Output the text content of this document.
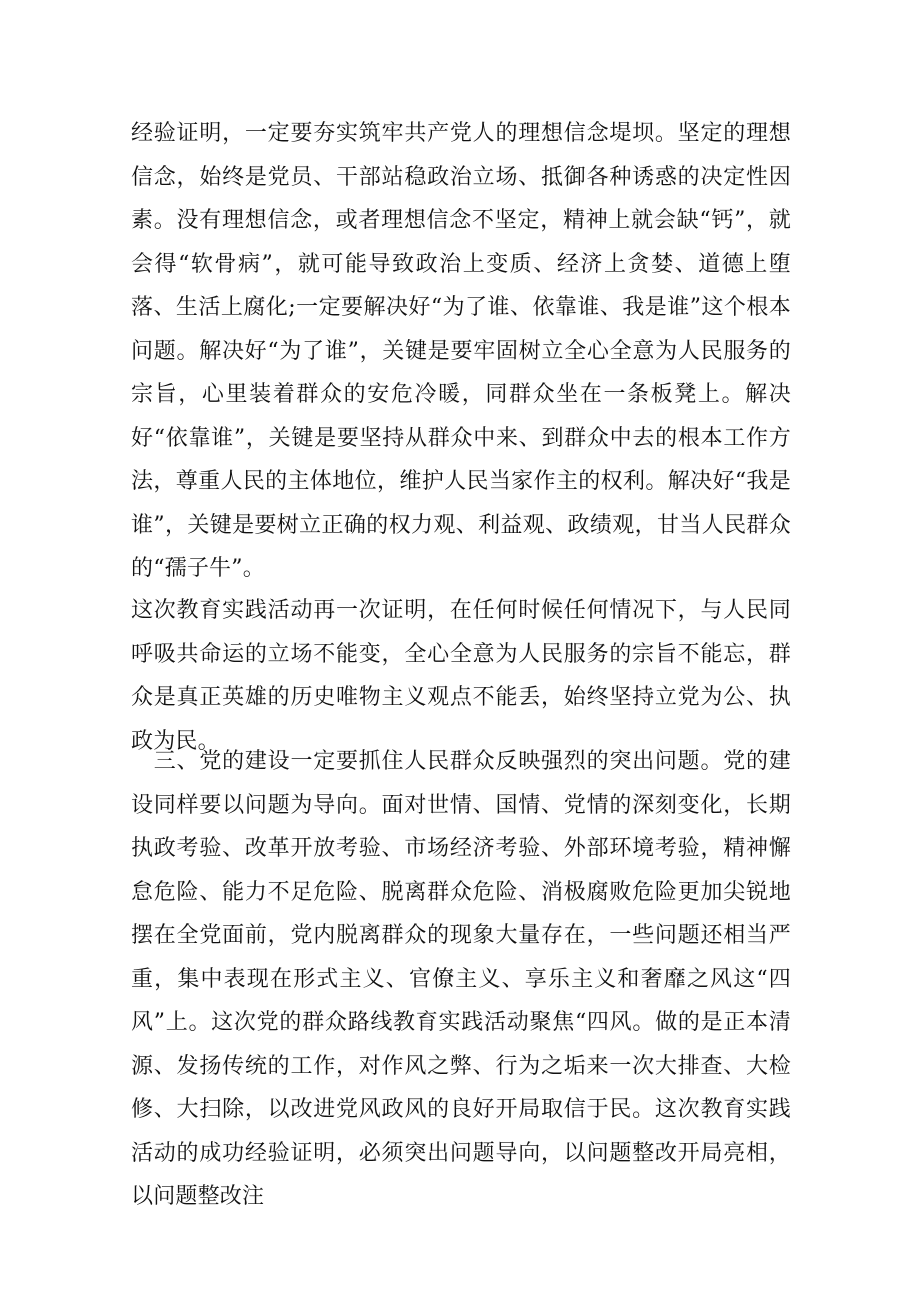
经验证明，一定要夯实筑牢共产党人的理想信念堤坝。坚定的理想信念，始终是党员、干部站稳政治立场、抵御各种诱惑的决定性因素。没有理想信念，或者理想信念不坚定，精神上就会缺“钙”，就会得“软骨病”，就可能导致政治上变质、经济上贪婪、道德上堕落、生活上腐化;一定要解决好“为了谁、依靠谁、我是谁”这个根本问题。解决好“为了谁”，关键是要牢固树立全心全意为人民服务的宗旨，心里装着群众的安危冷暖，同群众坐在一条板凳上。解决好“依靠谁”，关键是要坚持从群众中来、到群众中去的根本工作方法，尊重人民的主体地位，维护人民当家作主的权利。解决好“我是谁”，关键是要树立正确的权力观、利益观、政绩观，甘当人民群众的“孺子牛”。

这次教育实践活动再一次证明，在任何时候任何情况下，与人民同呼吸共命运的立场不能变，全心全意为人民服务的宗旨不能忘，群众是真正英雄的历史唯物主义观点不能丢，始终坚持立党为公、执政为民。

　三、党的建设一定要抓住人民群众反映强烈的突出问题。党的建设同样要以问题为导向。面对世情、国情、党情的深刻变化，长期执政考验、改革开放考验、市场经济考验、外部环境考验，精神懈怠危险、能力不足危险、脱离群众危险、消极腐败危险更加尖锐地摆在全党面前，党内脱离群众的现象大量存在，一些问题还相当严重，集中表现在形式主义、官僚主义、享乐主义和奢靡之风这“四风”上。这次党的群众路线教育实践活动聚焦“四风。做的是正本清源、发扬传统的工作，对作风之弊、行为之垢来一次大排查、大检修、大扫除，以改进党风政风的良好开局取信于民。这次教育实践活动的成功经验证明，必须突出问题导向，以问题整改开局亮相，以问题整改注
